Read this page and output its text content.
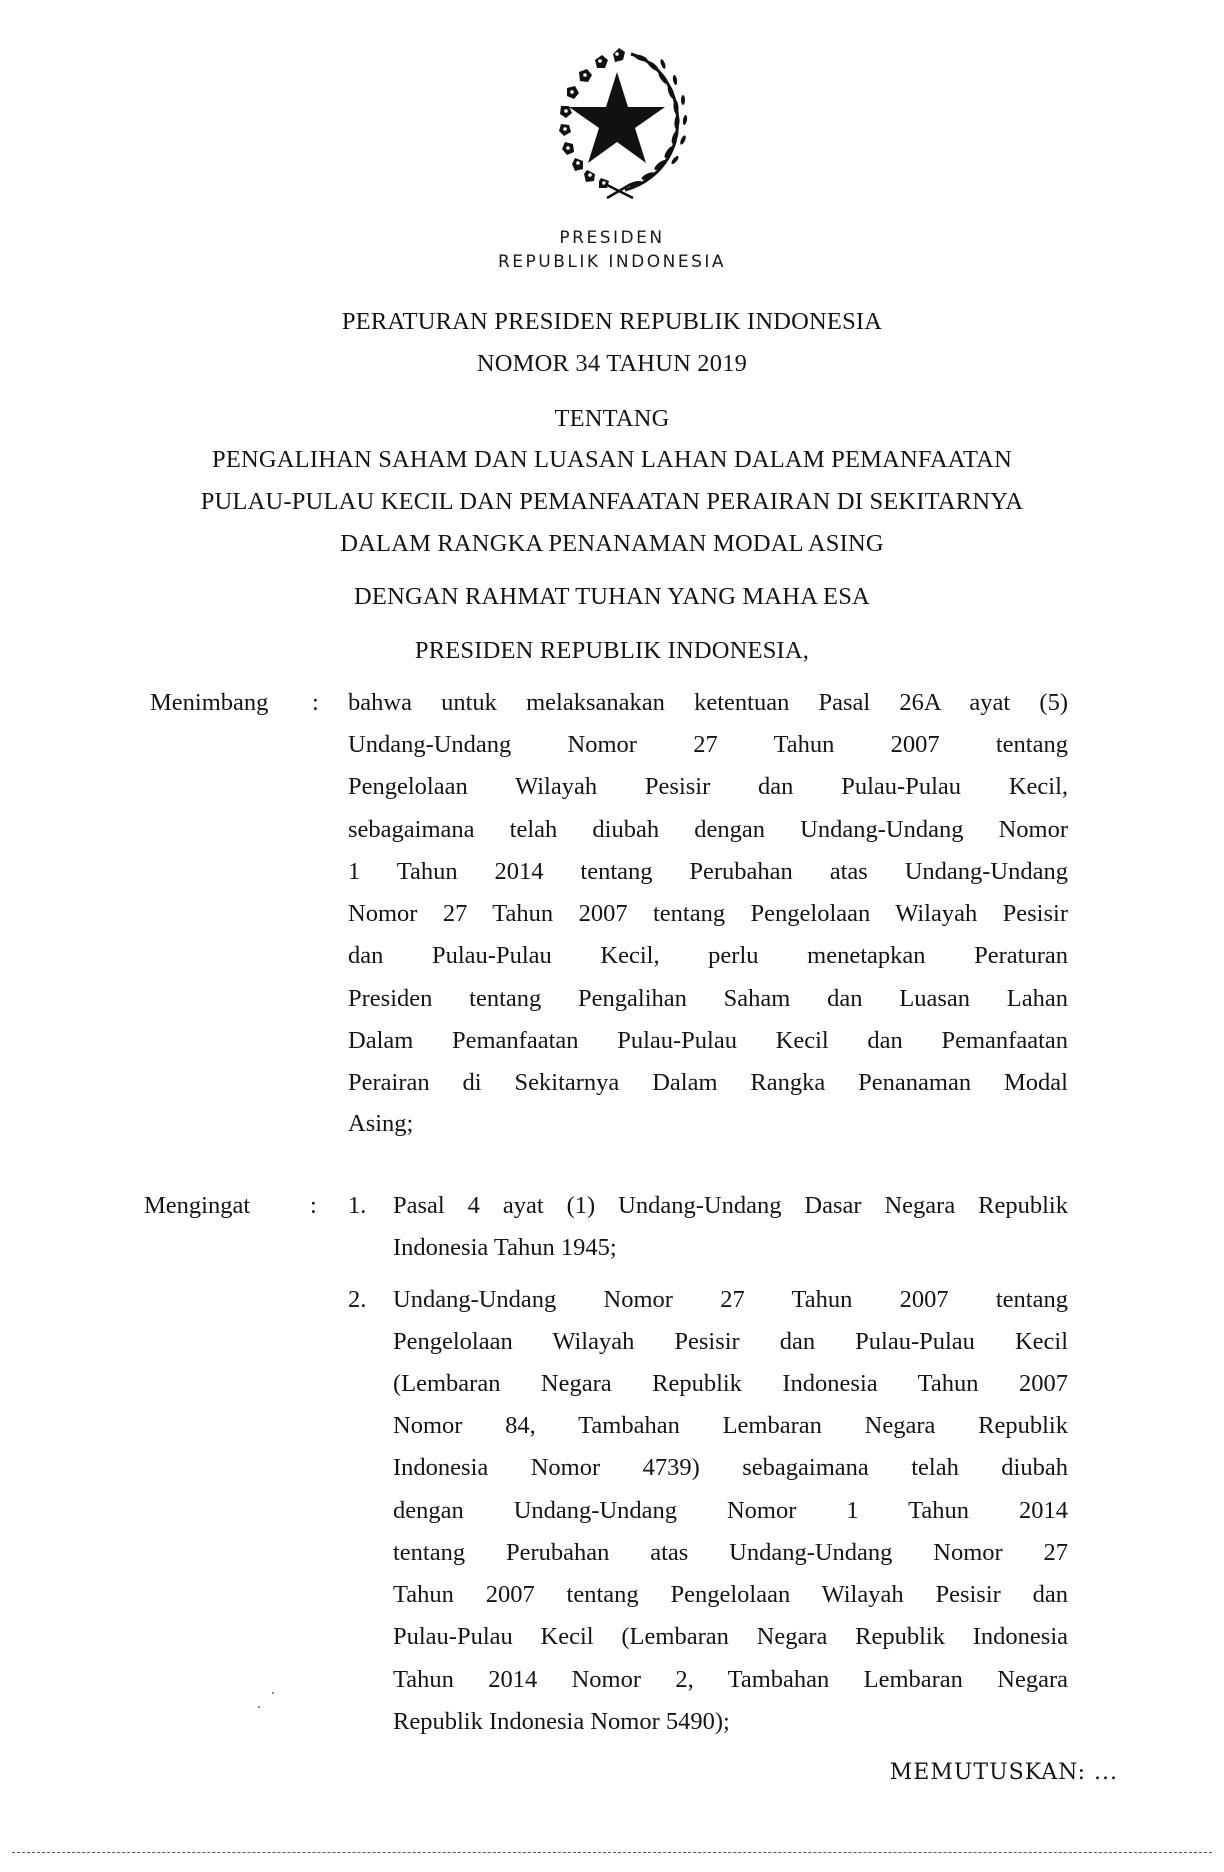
PRESIDEN
REPUBLIK INDONESIA
PERATURAN PRESIDEN REPUBLIK INDONESIA
NOMOR 34 TAHUN 2019
TENTANG
PENGALIHAN SAHAM DAN LUASAN LAHAN DALAM PEMANFAATAN
PULAU-PULAU KECIL DAN PEMANFAATAN PERAIRAN DI SEKITARNYA
DALAM RANGKA PENANAMAN MODAL ASING
DENGAN RAHMAT TUHAN YANG MAHA ESA
PRESIDEN REPUBLIK INDONESIA,
Menimbang : bahwa untuk melaksanakan ketentuan Pasal 26A ayat (5)
Undang-Undang Nomor 27 Tahun 2007 tentang
Pengelolaan Wilayah Pesisir dan Pulau-Pulau Kecil,
sebagaimana telah diubah dengan Undang-Undang Nomor
1 Tahun 2014 tentang Perubahan atas Undang-Undang
Nomor 27 Tahun 2007 tentang Pengelolaan Wilayah Pesisir
dan Pulau-Pulau Kecil, perlu menetapkan Peraturan
Presiden tentang Pengalihan Saham dan Luasan Lahan
Dalam Pemanfaatan Pulau-Pulau Kecil dan Pemanfaatan
Perairan di Sekitarnya Dalam Rangka Penanaman Modal
Asing;
Mengingat : 1. Pasal 4 ayat (1) Undang-Undang Dasar Negara Republik
Indonesia Tahun 1945;
2. Undang-Undang Nomor 27 Tahun 2007 tentang
Pengelolaan Wilayah Pesisir dan Pulau-Pulau Kecil
(Lembaran Negara Republik Indonesia Tahun 2007
Nomor 84, Tambahan Lembaran Negara Republik
Indonesia Nomor 4739) sebagaimana telah diubah
dengan Undang-Undang Nomor 1 Tahun 2014
tentang Perubahan atas Undang-Undang Nomor 27
Tahun 2007 tentang Pengelolaan Wilayah Pesisir dan
Pulau-Pulau Kecil (Lembaran Negara Republik Indonesia
Tahun 2014 Nomor 2, Tambahan Lembaran Negara
Republik Indonesia Nomor 5490);
MEMUTUSKAN: ...
